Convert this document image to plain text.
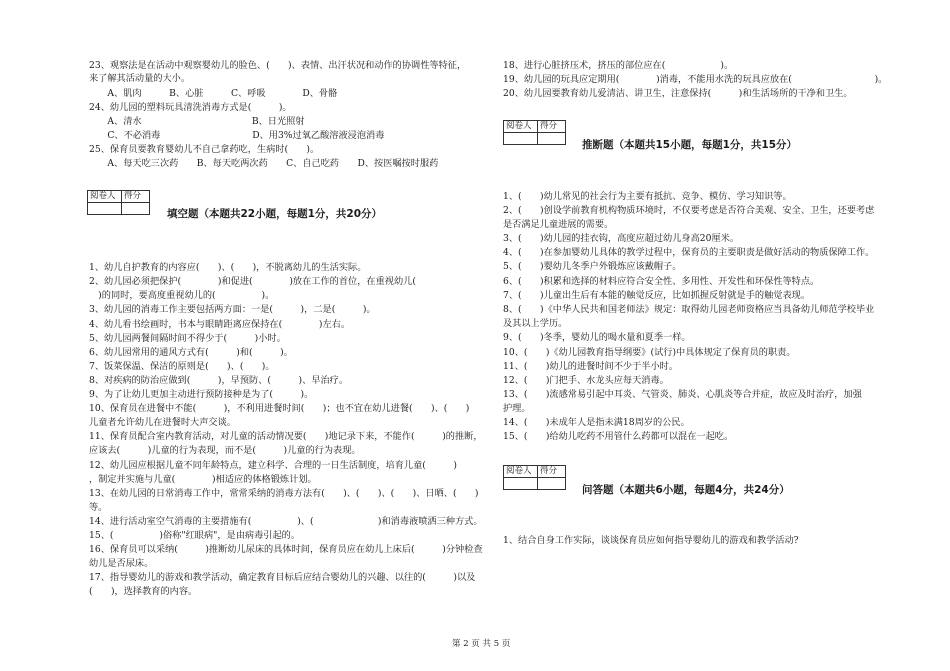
23、观察法是在活动中观察婴幼儿的脸色、(　　)、表情、出汗状况和动作的协调性等特征，
来了解其活动量的大小。
　　A、肌肉　　　B、心脏　　　C、呼吸　　　　D、骨骼
24、幼儿园的塑料玩具清洗消毒方式是(　　　)。
　　A、清水　　　　　　　　　　　　B、日光照射
　　C、不必消毒　　　　　　　　　　D、用3%过氧乙酸溶液浸泡消毒
25、保育员要教育婴幼儿不自己拿药吃，生病时(　　)。
　　A、每天吃三次药　　B、每天吃两次药　　C、自己吃药　　D、按医嘱按时服药
阅卷人 得分
填空题（本题共22小题，每题1分，共20分）
1、幼儿自护教育的内容应(　　)、(　　)，不脱离幼儿的生活实际。
2、幼儿园必须把保护(　　　　)和促进(　　　　)放在工作的首位，在重视幼儿(
　)的同时，要高度重视幼儿的(　　　　　)。
3、幼儿园的消毒工作主要包括两方面：一是(　　　)，二是(　　　)。
4、幼儿看书绘画时，书本与眼睛距离应保持在(　　　　)左右。
5、幼儿园两餐间隔时间不得少于(　　　)小时。
6、幼儿园常用的通风方式有(　　　)和(　　　)。
7、饭菜保温、保洁的原则是(　　)、(　　)。
8、对疾病的防治应做到(　　　)，早预防、(　　　)、早治疗。
9、为了让幼儿更加主动进行预防接种是为了(　　　)。
10、保育员在进餐中不能(　　　)，不利用进餐时间(　　)；也不宜在幼儿进餐(　　)、(　　)
儿童者允许幼儿在进餐时大声交谈。
11、保育员配合室内教育活动，对儿童的活动情况要(　　)地记录下来，不能作(　　　)的推断，
应该去(　　　)儿童的行为表现，而不是(　　　)儿童的行为表现。
12、幼儿园应根据儿童不同年龄特点，建立科学、合理的一日生活制度，培育儿童(　　　)
，制定并实施与儿童(　　　　)相适应的体格锻炼计划。
13、在幼儿园的日常消毒工作中，常常采纳的消毒方法有(　　)、(　　)、(　　)、日晒、(　　)
等。
14、进行活动室空气消毒的主要措施有(　　　　　)、(　　　　　　　)和消毒液喷洒三种方式。
15、(　　　　　)俗称"红眼病"，是由病毒引起的。
16、保育员可以采纳(　　　)推断幼儿尿床的具体时间，保育员应在幼儿上床后(　　　)分钟检查
幼儿是否尿床。
17、指导婴幼儿的游戏和教学活动，确定教育目标后应结合婴幼儿的兴趣、以往的(　　　)以及
(　　)，选择教育的内容。
18、进行心脏挤压术，挤压的部位应在(　　　　　　)。
19、幼儿园的玩具应定期用(　　　　)消毒，不能用水洗的玩具应放在(　　　　　　　　　)。
20、幼儿园要教育幼儿爱清洁、讲卫生，注意保持(　　　)和生活场所的干净和卫生。
阅卷人 得分
推断题（本题共15小题，每题1分，共15分）
1、(　　)幼儿常见的社会行为主要有抵抗、竞争、模仿、学习知识等。
2、(　　)创设学前教育机构物质环境时，不仅要考虑是否符合美观、安全、卫生，还要考虑
是否满足儿童进展的需要。
3、(　　)幼儿园的挂衣钩，高度应超过幼儿身高20厘米。
4、(　　)在参加婴幼儿具体的教学过程中，保育员的主要职责是做好活动的物质保障工作。
5、(　　)婴幼儿冬季户外锻炼应该戴帽子。
6、(　　)积累和选择的材料应符合安全性、多用性、开发性和环保性等特点。
7、(　　)儿童出生后有本能的触觉反应，比如抓握反射就是手的触觉表现。
8、(　　)《中华人民共和国老师法》规定：取得幼儿园老师资格应当具备幼儿师范学校毕业
及其以上学历。
9、(　　)冬季，婴幼儿的喝水量和夏季一样。
10、(　　)《幼儿园教育指导纲要》(试行)中具体规定了保育员的职责。
11、(　　)幼儿的进餐时间不少于半小时。
12、(　　)门把手、水龙头应每天消毒。
13、(　　)流感常易引起中耳炎、气管炎、肺炎、心肌炎等合并症，故应及时治疗，加强
护理。
14、(　　)未成年人是指未满18周岁的公民。
15、(　　)给幼儿吃药不用管什么药都可以混在一起吃。
阅卷人 得分
问答题（本题共6小题，每题4分，共24分）
1、结合自身工作实际，谈谈保育员应如何指导婴幼儿的游戏和教学活动?
第 2 页 共 5 页
